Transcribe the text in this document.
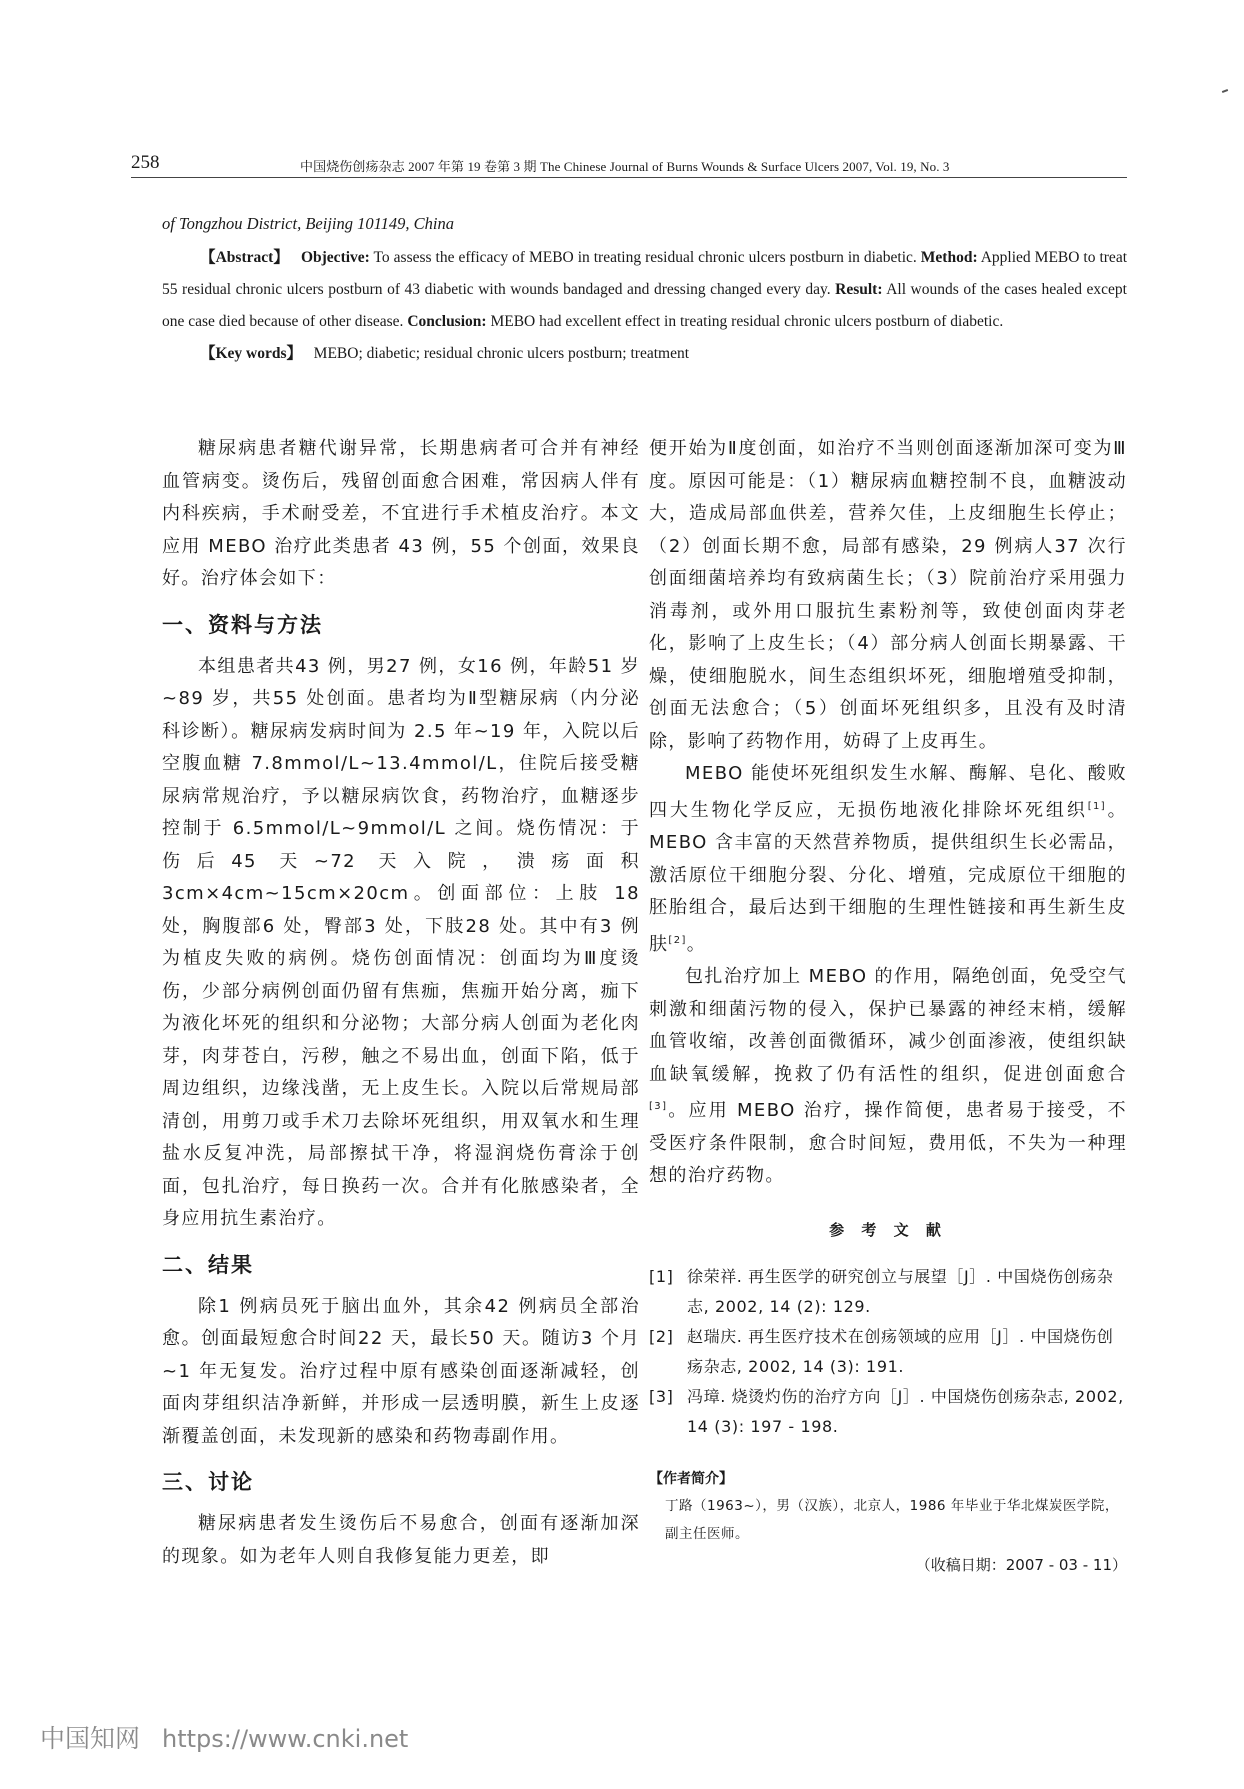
258	中国烧伤创疡杂志 2007 年第 19 卷第 3 期 The Chinese Journal of Burns Wounds & Surface Ulcers 2007, Vol. 19, No. 3
of Tongzhou District, Beijing 101149, China

【Abstract】 Objective: To assess the efficacy of MEBO in treating residual chronic ulcers postburn in diabetic. Method: Applied MEBO to treat 55 residual chronic ulcers postburn of 43 diabetic with wounds bandaged and dressing changed every day. Result: All wounds of the cases healed except one case died because of other disease. Conclusion: MEBO had excellent effect in treating residual chronic ulcers postburn of diabetic.

【Key words】 MEBO; diabetic; residual chronic ulcers postburn; treatment

糖尿病患者糖代谢异常，长期患病者可合并有神经血管病变。烫伤后，残留创面愈合困难，常因病人伴有内科疾病，手术耐受差，不宜进行手术植皮治疗。本文应用 MEBO 治疗此类患者 43 例，55 个创面，效果良好。治疗体会如下：

一、资料与方法

本组患者共43 例，男27 例，女16 例，年龄51 岁~89 岁，共55 处创面。患者均为Ⅱ型糖尿病（内分泌科诊断）。糖尿病发病时间为 2.5 年~19 年，入院以后空腹血糖 7.8mmol/L~13.4mmol/L，住院后接受糖尿病常规治疗，予以糖尿病饮食，药物治疗，血糖逐步控制于 6.5mmol/L~9mmol/L 之间。烧伤情况：于伤后45 天~72 天入院，溃疡面积 3cm×4cm~15cm×20cm。创面部位：上肢 18 处，胸腹部6 处，臀部3 处，下肢28 处。其中有3 例为植皮失败的病例。烧伤创面情况：创面均为Ⅲ度烫伤，少部分病例创面仍留有焦痂，焦痂开始分离，痂下为液化坏死的组织和分泌物；大部分病人创面为老化肉芽，肉芽苍白，污秽，触之不易出血，创面下陷，低于周边组织，边缘浅凿，无上皮生长。入院以后常规局部清创，用剪刀或手术刀去除坏死组织，用双氧水和生理盐水反复冲洗，局部擦拭干净，将湿润烧伤膏涂于创面，包扎治疗，每日换药一次。合并有化脓感染者，全身应用抗生素治疗。

二、结果

除1 例病员死于脑出血外，其余42 例病员全部治愈。创面最短愈合时间22 天，最长50 天。随访3 个月~1 年无复发。治疗过程中原有感染创面逐渐减轻，创面肉芽组织洁净新鲜，并形成一层透明膜，新生上皮逐渐覆盖创面，未发现新的感染和药物毒副作用。

三、讨论

糖尿病患者发生烫伤后不易愈合，创面有逐渐加深的现象。如为老年人则自我修复能力更差，即

便开始为Ⅱ度创面，如治疗不当则创面逐渐加深可变为Ⅲ度。原因可能是：（1）糖尿病血糖控制不良，血糖波动大，造成局部血供差，营养欠佳，上皮细胞生长停止；（2）创面长期不愈，局部有感染，29 例病人37 次行创面细菌培养均有致病菌生长；（3）院前治疗采用强力消毒剂，或外用口服抗生素粉剂等，致使创面肉芽老化，影响了上皮生长；（4）部分病人创面长期暴露、干燥，使细胞脱水，间生态组织坏死，细胞增殖受抑制，创面无法愈合；（5）创面坏死组织多，且没有及时清除，影响了药物作用，妨碍了上皮再生。

MEBO 能使坏死组织发生水解、酶解、皂化、酸败四大生物化学反应，无损伤地液化排除坏死组织[1]。MEBO 含丰富的天然营养物质，提供组织生长必需品，激活原位干细胞分裂、分化、增殖，完成原位干细胞的胚胎组合，最后达到干细胞的生理性链接和再生新生皮肤[2]。

包扎治疗加上 MEBO 的作用，隔绝创面，免受空气刺激和细菌污物的侵入，保护已暴露的神经末梢，缓解血管收缩，改善创面微循环，减少创面渗液，使组织缺血缺氧缓解，挽救了仍有活性的组织，促进创面愈合[3]。应用 MEBO 治疗，操作简便，患者易于接受，不受医疗条件限制，愈合时间短，费用低，不失为一种理想的治疗药物。

参 考 文 献
[1] 徐荣祥. 再生医学的研究创立与展望［J］. 中国烧伤创疡杂志, 2002, 14 (2): 129.
[2] 赵瑞庆. 再生医疗技术在创疡领域的应用［J］. 中国烧伤创疡杂志, 2002, 14 (3): 191.
[3] 冯璋. 烧烫灼伤的治疗方向［J］. 中国烧伤创疡杂志, 2002, 14 (3): 197 - 198.
【作者简介】

丁路（1963~），男（汉族），北京人，1986 年毕业于华北煤炭医学院，副主任医师。

（收稿日期：2007 - 03 - 11）
中国知网 https://www.cnki.net
